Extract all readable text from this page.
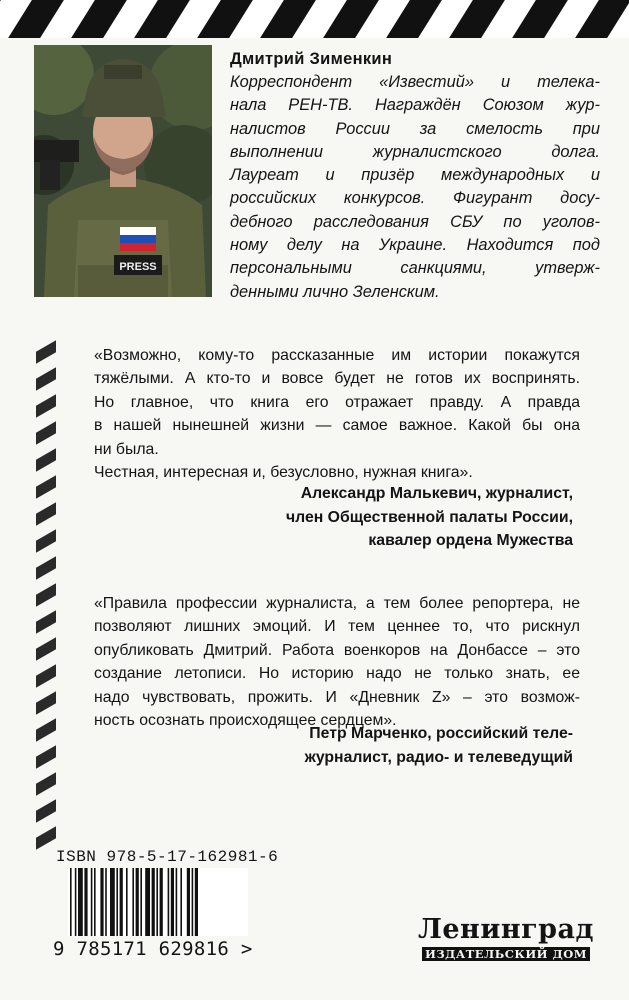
PRESS
Дмитрий Зименкин

Корреспондент «Известий» и телека-

нала РЕН-ТВ. Награждён Союзом жур-

налистов России за смелость при

выполнении журналистского долга.

Лауреат и призёр международных и

российских конкурсов. Фигурант досу-

дебного расследования СБУ по уголов-

ному делу на Украине. Находится под

персональными санкциями, утверж-

денными лично Зеленским.

«Возможно, кому-то рассказанные им истории покажутся

тяжёлыми. А кто-то и вовсе будет не готов их воспринять.

Но главное, что книга его отражает правду. А правда

в нашей нынешней жизни — самое важное. Какой бы она

ни была.

Честная, интересная и, безусловно, нужная книга».

Александр Малькевич, журналист,

член Общественной палаты России,

кавалер ордена Мужества

«Правила профессии журналиста, а тем более репортера, не

позволяют лишних эмоций. И тем ценнее то, что рискнул

опубликовать Дмитрий. Работа военкоров на Донбассе – это

создание летописи. Но историю надо не только знать, ее

надо чувствовать, прожить. И «Дневник Z» – это возмож-

ность осознать происходящее сердцем».

Петр Марченко, российский теле-

журналист, радио- и телеведущий

ISBN 978-5-17-162981-6
9 785171 629816 >
Ленинград
ИЗДАТЕЛЬСКИЙ ДОМ
